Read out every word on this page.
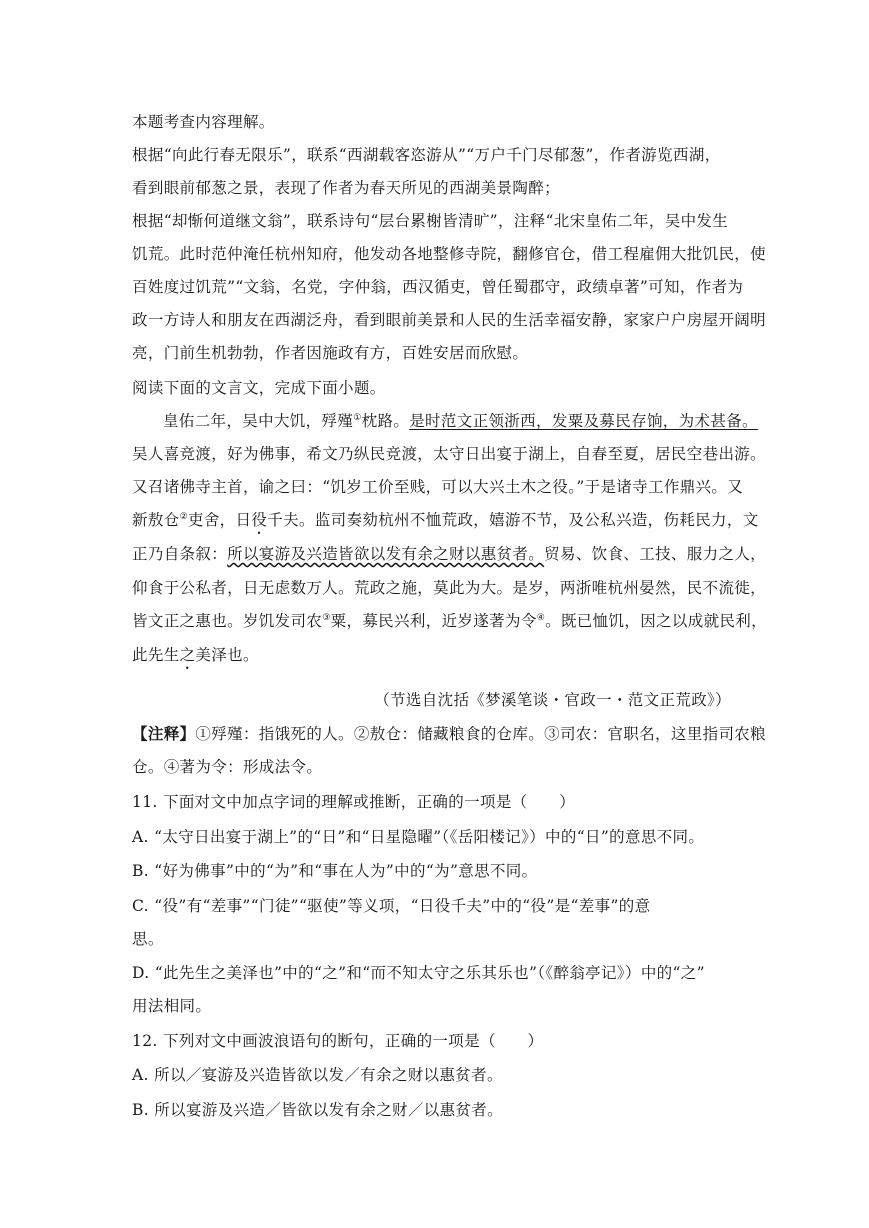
本题考查内容理解。
根据“向此行春无限乐”，联系“西湖载客恣游从”“万户千门尽郁葱”，作者游览西湖，
看到眼前郁葱之景，表现了作者为春天所见的西湖美景陶醉；
根据“却惭何道继文翁”，联系诗句“层台累榭皆清旷”，注释“北宋皇佑二年，吴中发生
饥荒。此时范仲淹任杭州知府，他发动各地整修寺院，翻修官仓，借工程雇佣大批饥民，使
百姓度过饥荒”“文翁，名党，字仲翁，西汉循吏，曾任蜀郡守，政绩卓著”可知，作者为
政一方诗人和朋友在西湖泛舟，看到眼前美景和人民的生活幸福安静，家家户户房屋开阔明
亮，门前生机勃勃，作者因施政有方，百姓安居而欣慰。
阅读下面的文言文，完成下面小题。
皇佑二年，吴中大饥，殍殣①枕路。是时范文正领浙西，发粟及募民存饷，为术甚备。
吴人喜竞渡，好为佛事，希文乃纵民竞渡，太守日出宴于湖上，自春至夏，居民空巷出游。
又召诸佛寺主首，谕之曰：“饥岁工价至贱，可以大兴土木之役。”于是诸寺工作鼎兴。又
新敖仓②吏舍，日役千夫。监司奏劾杭州不恤荒政，嬉游不节，及公私兴造，伤耗民力，文
正乃自条叙：所以宴游及兴造皆欲以发有余之财以惠贫者。贸易、饮食、工技、服力之人，
仰食于公私者，日无虑数万人。荒政之施，莫此为大。是岁，两浙唯杭州晏然，民不流徙，
皆文正之惠也。岁饥发司农③粟，募民兴利，近岁遂著为令④。既已恤饥，因之以成就民利，
此先生之美泽也。
（节选自沈括《梦溪笔谈・官政一・范文正荒政》）
【注释】①殍殣：指饿死的人。②敖仓：储藏粮食的仓库。③司农：官职名，这里指司农粮
仓。④著为令：形成法令。
11. 下面对文中加点字词的理解或推断，正确的一项是（　　）
A. “太守日出宴于湖上”的“日”和“日星隐曜”（《岳阳楼记》）中的“日”的意思不同。
B. “好为佛事”中的“为”和“事在人为”中的“为”意思不同。
C. “役”有“差事”“门徒”“驱使”等义项，“日役千夫”中的“役”是“差事”的意
思。
D. “此先生之美泽也”中的“之”和“而不知太守之乐其乐也”（《醉翁亭记》）中的“之”
用法相同。
12. 下列对文中画波浪语句的断句，正确的一项是（　　）
A. 所以／宴游及兴造皆欲以发／有余之财以惠贫者。
B. 所以宴游及兴造／皆欲以发有余之财／以惠贫者。
